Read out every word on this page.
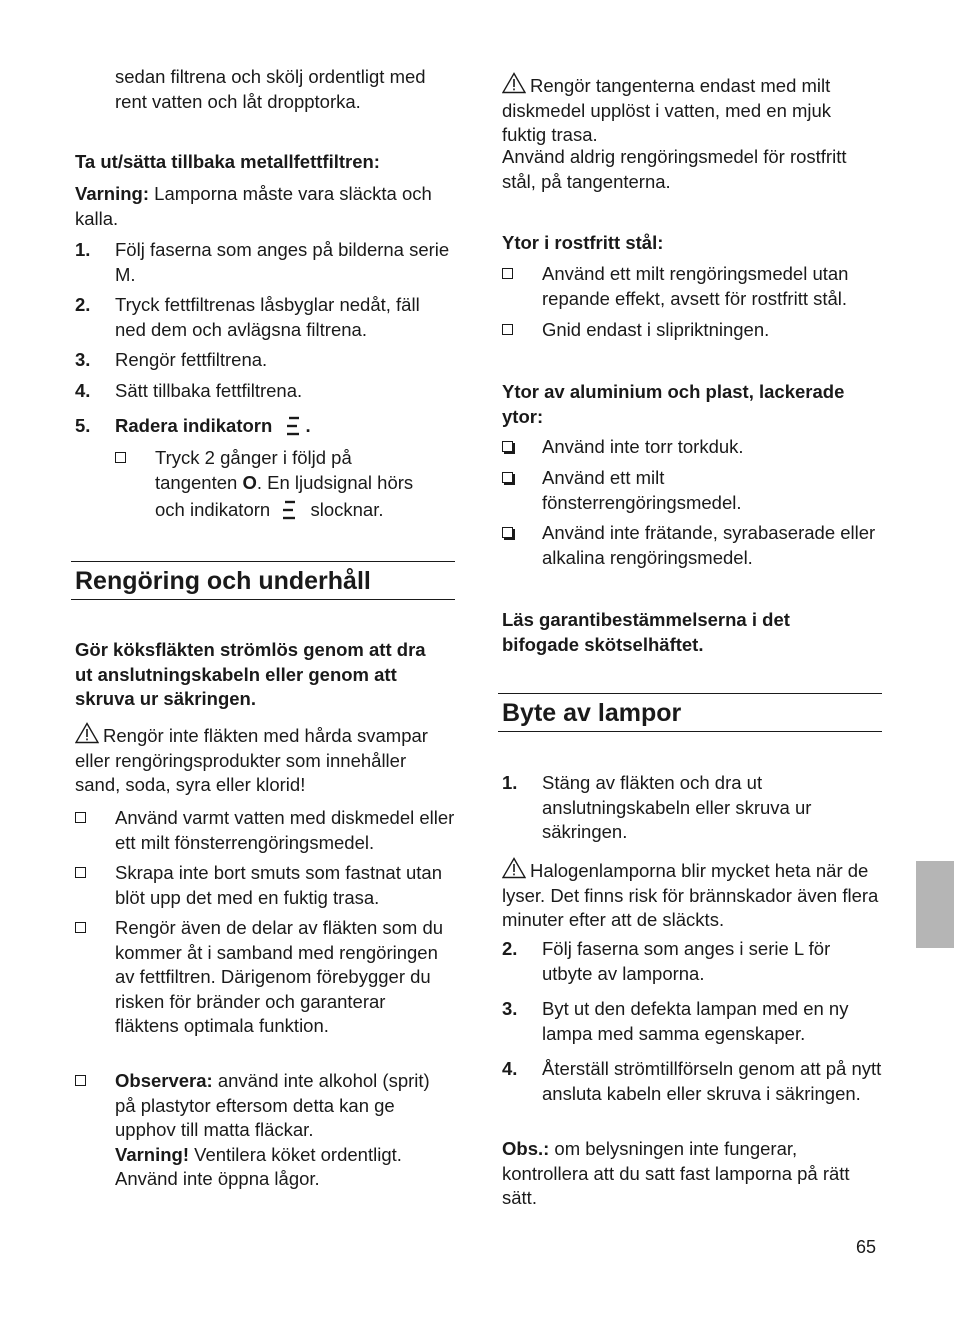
sedan filtrena och skölj ordentligt med rent vatten och låt dropptorka.

Ta ut/sätta tillbaka metallfettfiltren:

Varning: Lamporna måste vara släckta och kalla.

1. Följ faserna som anges på bilderna serie M.
2. Tryck fettfiltrenas låsbyglar nedåt, fäll ned dem och avlägsna filtrena.
3. Rengör fettfiltrena.
4. Sätt tillbaka fettfiltrena.
5. Radera indikatorn .

Tryck 2 gånger i följd på

tangenten O. En ljudsignal hörs

och indikatorn slocknar.

Rengöring och underhåll

Gör köksfläkten strömlös genom att dra ut anslutningskabeln eller genom att skruva ur säkringen.

Rengör inte fläkten med hårda svampar eller rengöringsprodukter som innehåller sand, soda, syra eller klorid!

Använd varmt vatten med diskmedel eller ett milt fönsterrengöringsmedel.
Skrapa inte bort smuts som fastnat utan blöt upp det med en fuktig trasa.
Rengör även de delar av fläkten som du kommer åt i samband med rengöringen av fettfiltren. Därigenom förebygger du risken för bränder och garanterar fläktens optimala funktion.

Observera: använd inte alkohol (sprit) på plastytor eftersom detta kan ge upphov till matta fläckar.

Varning! Ventilera köket ordentligt. Använd inte öppna lågor.

Rengör tangenterna endast med milt diskmedel upplöst i vatten, med en mjuk fuktig trasa.

Använd aldrig rengöringsmedel för rostfritt stål, på tangenterna.

Ytor i rostfritt stål:

Använd ett milt rengöringsmedel utan repande effekt, avsett för rostfritt stål.
Gnid endast i slipriktningen.

Ytor av aluminium och plast, lackerade ytor:

Använd inte torr torkduk.
Använd ett milt fönsterrengöringsmedel.
Använd inte frätande, syrabaserade eller alkalina rengöringsmedel.

Läs garantibestämmelserna i det bifogade skötselhäftet.

Byte av lampor
1. Stäng av fläkten och dra ut anslutningskabeln eller skruva ur säkringen.

Halogenlamporna blir mycket heta när de lyser. Det finns risk för brännskador även flera minuter efter att de släckts.

2. Följ faserna som anges i serie L för utbyte av lamporna.
3. Byt ut den defekta lampan med en ny lampa med samma egenskaper.
4. Återställ strömtillförseln genom att på nytt ansluta kabeln eller skruva i säkringen.

Obs.: om belysningen inte fungerar, kontrollera att du satt fast lamporna på rätt sätt.

65
